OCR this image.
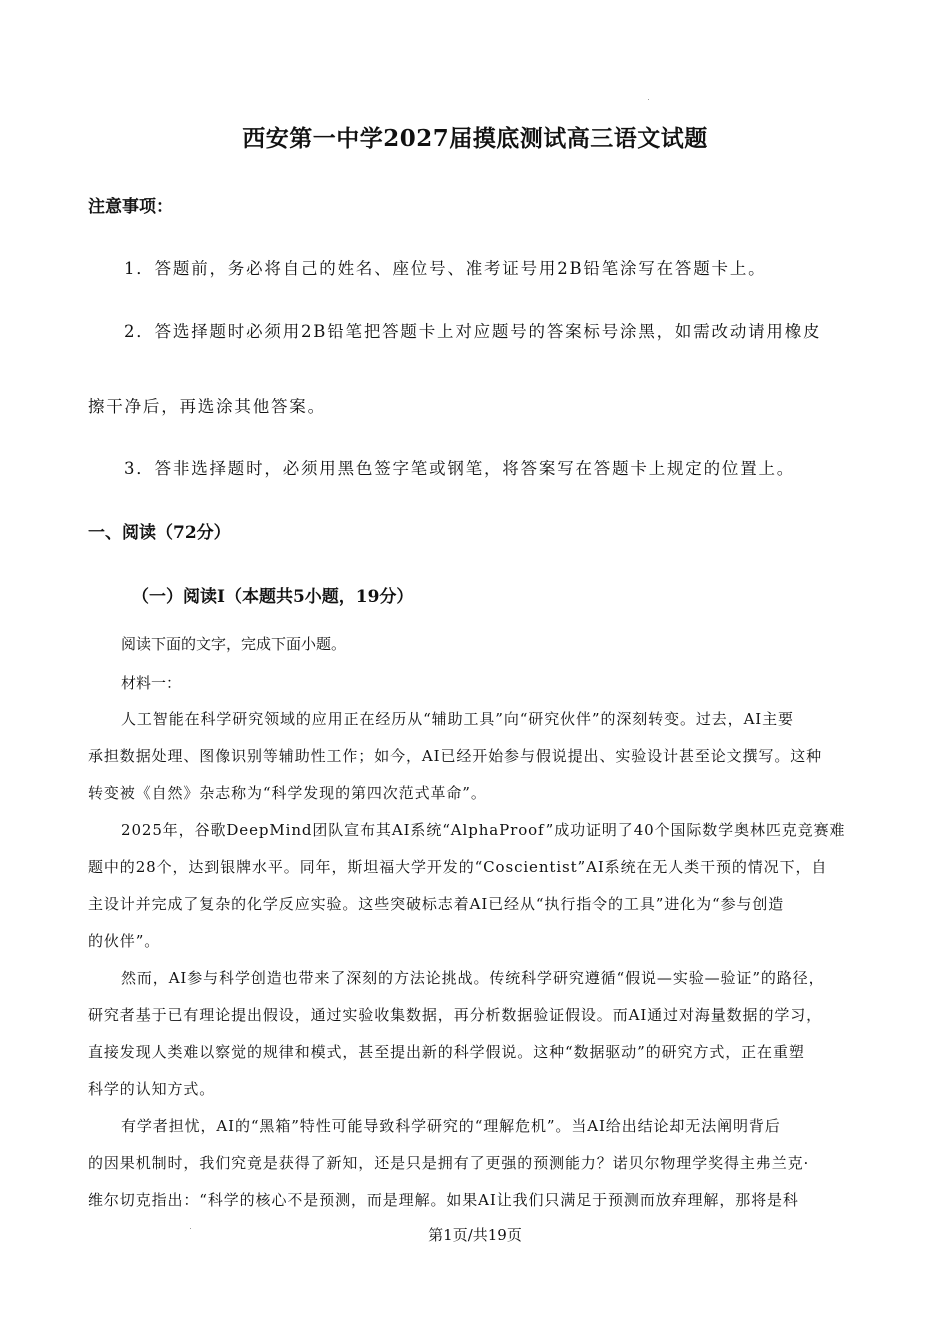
西安第一中学2027届摸底测试高三语文试题
注意事项：
1．答题前，务必将自己的姓名、座位号、准考证号用2B铅笔涂写在答题卡上。
2．答选择题时必须用2B铅笔把答题卡上对应题号的答案标号涂黑，如需改动请用橡皮
擦干净后，再选涂其他答案。
3．答非选择题时，必须用黑色签字笔或钢笔，将答案写在答题卡上规定的位置上。
一、阅读（72分）
（一）阅读Ⅰ（本题共5小题，19分）
阅读下面的文字，完成下面小题。
材料一：
人工智能在科学研究领域的应用正在经历从“辅助工具”向“研究伙伴”的深刻转变。过去，AI主要
承担数据处理、图像识别等辅助性工作；如今，AI已经开始参与假说提出、实验设计甚至论文撰写。这种
转变被《自然》杂志称为“科学发现的第四次范式革命”。
2025年，谷歌DeepMind团队宣布其AI系统“AlphaProof”成功证明了40个国际数学奥林匹克竞赛难
题中的28个，达到银牌水平。同年，斯坦福大学开发的“Coscientist”AI系统在无人类干预的情况下，自
主设计并完成了复杂的化学反应实验。这些突破标志着AI已经从“执行指令的工具”进化为“参与创造
的伙伴”。
然而，AI参与科学创造也带来了深刻的方法论挑战。传统科学研究遵循“假说—实验—验证”的路径，
研究者基于已有理论提出假设，通过实验收集数据，再分析数据验证假设。而AI通过对海量数据的学习，
直接发现人类难以察觉的规律和模式，甚至提出新的科学假说。这种“数据驱动”的研究方式，正在重塑
科学的认知方式。
有学者担忧，AI的“黑箱”特性可能导致科学研究的“理解危机”。当AI给出结论却无法阐明背后
的因果机制时，我们究竟是获得了新知，还是只是拥有了更强的预测能力？诺贝尔物理学奖得主弗兰克·
维尔切克指出：“科学的核心不是预测，而是理解。如果AI让我们只满足于预测而放弃理解，那将是科
第1页/共19页
